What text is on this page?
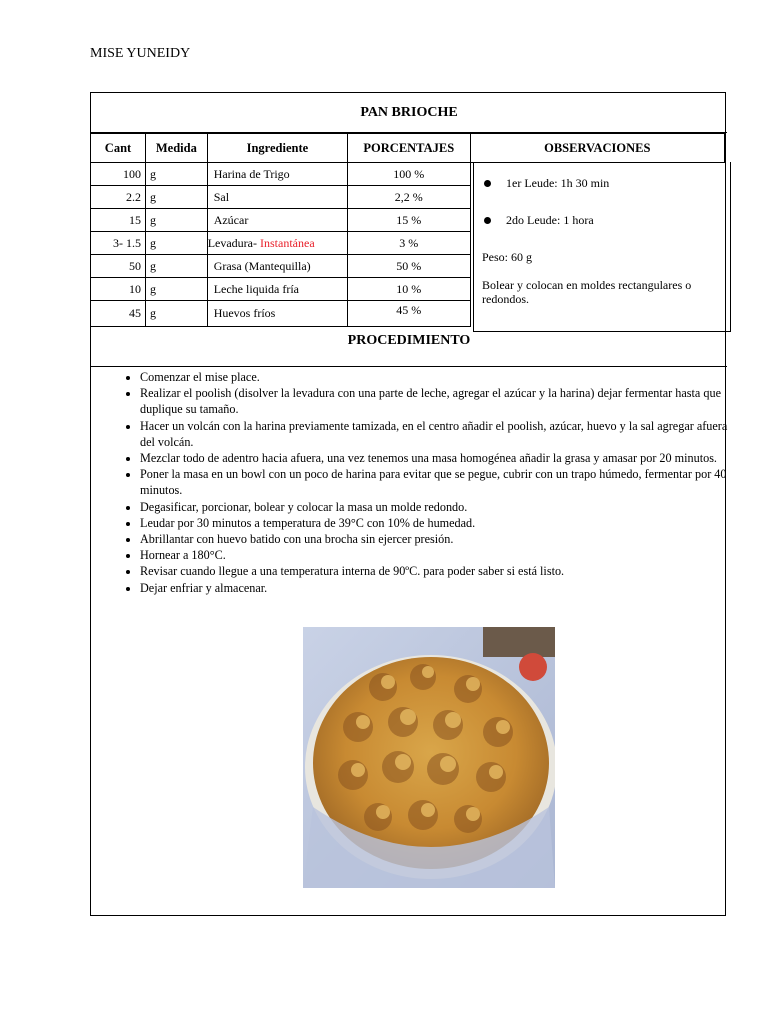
MISE YUNEIDY
PAN BRIOCHE
Cant	Medida	Ingrediente	PORCENTAJES	OBSERVACIONES
100	g	Harina de Trigo	100 %	
2.2	g	Sal	2,2 %	
15	g	Azúcar	15 %	
3- 1.5	g	Levadura- Instantánea	3 %	
50	g	Grasa (Mantequilla)	50 %	
10	g	Leche liquida fría	10 %	
45	g	Huevos fríos	45 %	
1er Leude: 1h 30 min
2do Leude: 1 hora

Peso: 60 g

Bolear y colocan en moldes rectangulares o redondos.

PROCEDIMIENTO
• Comenzar el mise place.
• Realizar el poolish (disolver la levadura con una parte de leche, agregar el azúcar y la harina) dejar fermentar hasta que duplique su tamaño.
• Hacer un volcán con la harina previamente tamizada, en el centro añadir el poolish, azúcar, huevo y la sal agregar afuera del volcán.
• Mezclar todo de adentro hacia afuera, una vez tenemos una masa homogénea añadir la grasa y amasar por 20 minutos.
• Poner la masa en un bowl con un poco de harina para evitar que se pegue, cubrir con un trapo húmedo, fermentar por 40 minutos.
• Degasificar, porcionar, bolear y colocar la masa un molde redondo.
• Leudar por 30 minutos a temperatura de 39°C con 10% de humedad.
• Abrillantar con huevo batido con una brocha sin ejercer presión.
• Hornear a 180°C.
• Revisar cuando llegue a una temperatura interna de 90ºC. para poder saber si está listo.
• Dejar enfriar y almacenar.
